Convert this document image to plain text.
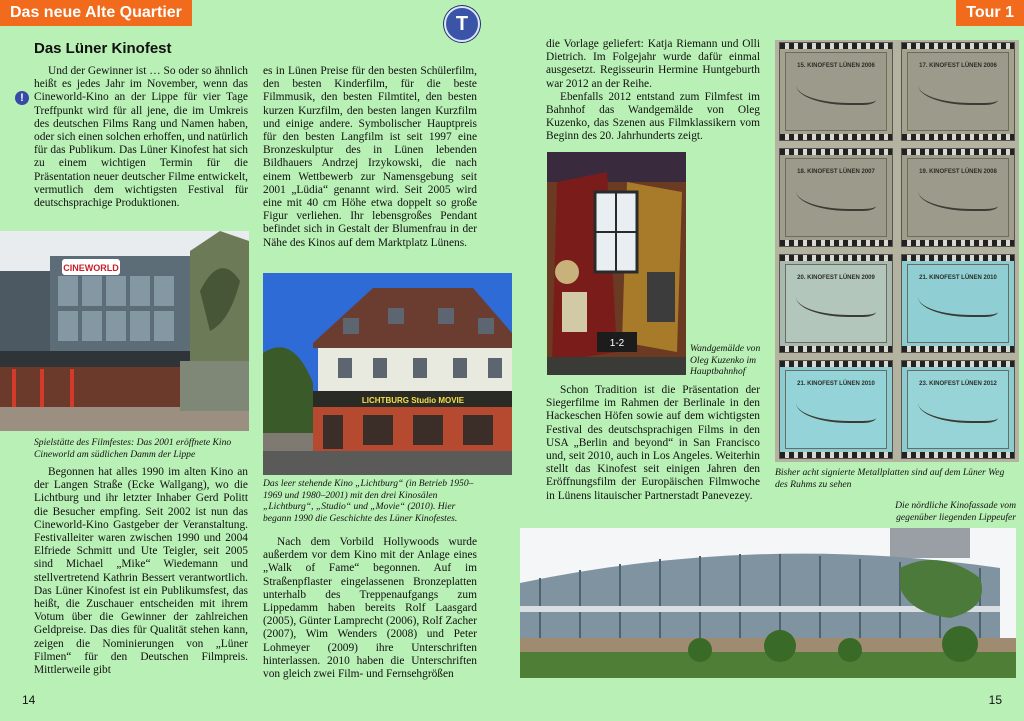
Das neue Alte Quartier
Das Lüner Kinofest
!

Und der Gewinner ist … So oder so ähnlich heißt es jedes Jahr im November, wenn das Cineworld-Kino an der Lippe für vier Tage Treffpunkt wird für all jene, die im Umkreis des deutschen Films Rang und Namen haben, oder sich einen solchen erhoffen, und natürlich für das Publikum. Das Lüner Kinofest hat sich zu einem wichtigen Termin für die Präsentation neuer deutscher Filme entwickelt, vermutlich dem wichtigsten Festival für deutschsprachige Produktionen.

CINEWORLD
Spielstätte des Filmfestes: Das 2001 eröffnete Kino Cineworld am südlichen Damm der Lippe

Begonnen hat alles 1990 im alten Kino an der Langen Straße (Ecke Wallgang), wo die Lichtburg und ihr letzter Inhaber Gerd Politt die Besucher empfing. Seit 2002 ist nun das Cineworld-Kino Gastgeber der Veranstaltung. Festivalleiter waren zwischen 1990 und 2004 Elfriede Schmitt und Ute Teigler, seit 2005 sind Michael „Mike“ Wiedemann und stellvertretend Kathrin Bessert verantwortlich. Das Lüner Kinofest ist ein Publikumsfest, das heißt, die Zuschauer entscheiden mit ihrem Votum über die Gewinner der zahlreichen Geldpreise. Das dies für Qualität stehen kann, zeigen die Nominierungen von „Lüner Filmen“ für den Deutschen Filmpreis. Mittlerweile gibt

es in Lünen Preise für den besten Schülerfilm, den besten Kinderfilm, für die beste Filmmusik, den besten Filmtitel, den besten kurzen Kurzfilm, den besten langen Kurzfilm und einige andere. Symbolischer Hauptpreis für den besten Langfilm ist seit 1997 eine Bronzeskulptur des in Lünen lebenden Bildhauers Andrzej Irzykowski, die nach einem Wettbewerb zur Namensgebung seit 2001 „Lüdia“ genannt wird. Seit 2005 wird eine mit 40 cm Höhe etwa doppelt so große Figur verliehen. Ihr lebensgroßes Pendant befindet sich in Gestalt der Blumenfrau in der Nähe des Kinos auf dem Marktplatz Lünens.

LICHTBURG Studio MOVIE
Das leer stehende Kino „Lichtburg“ (in Betrieb 1950–1969 und 1980–2001) mit den drei Kinosälen „Lichtburg“, „Studio“ und „Movie“ (2010). Hier begann 1990 die Geschichte des Lüner Kinofestes.

Nach dem Vorbild Hollywoods wurde außerdem vor dem Kino mit der Anlage eines „Walk of Fame“ begonnen. Auf im Straßenpflaster eingelassenen Bronzeplatten unterhalb des Treppenaufgangs zum Lippedamm haben bereits Rolf Laasgard (2005), Günter Lamprecht (2006), Rolf Zacher (2007), Wim Wenders (2008) und Peter Lohmeyer (2009) ihre Unterschriften hinterlassen. 2010 haben die Unterschriften von gleich zwei Film- und Fernsehgrößen

14
T
Tour 1

die Vorlage geliefert: Katja Riemann und Olli Dietrich. Im Folgejahr wurde dafür einmal ausgesetzt. Regisseurin Hermine Huntgeburth war 2012 an der Reihe.

Ebenfalls 2012 entstand zum Filmfest im Bahnhof das Wandgemälde von Oleg Kuzenko, das Szenen aus Filmklassikern vom Beginn des 20. Jahrhunderts zeigt.

1-2	Wandgemälde von Oleg Kuzenko im Hauptbahnhof

Schon Tradition ist die Präsentation der Siegerfilme im Rahmen der Berlinale in den Hackeschen Höfen sowie auf dem wichtigsten Festival des deutschsprachigen Films in den USA „Berlin and beyond“ in San Francisco und, seit 2010, auch in Los Angeles. Weiterhin stellt das Kinofest seit einigen Jahren den Eröffnungsfilm der Europäischen Filmwoche in Lünens litauischer Partnerstadt Panevezey.

15. KINOFEST LÜNEN 2006	17. KINOFEST LÜNEN 2006
18. KINOFEST LÜNEN 2007	19. KINOFEST LÜNEN 2008
20. KINOFEST LÜNEN 2009	21. KINOFEST LÜNEN 2010
21. KINOFEST LÜNEN 2010	23. KINOFEST LÜNEN 2012
Bisher acht signierte Metallplatten sind auf dem Lüner Weg des Ruhms zu sehen
Die nördliche Kinofassade vom gegenüber liegenden Lippeufer
15
